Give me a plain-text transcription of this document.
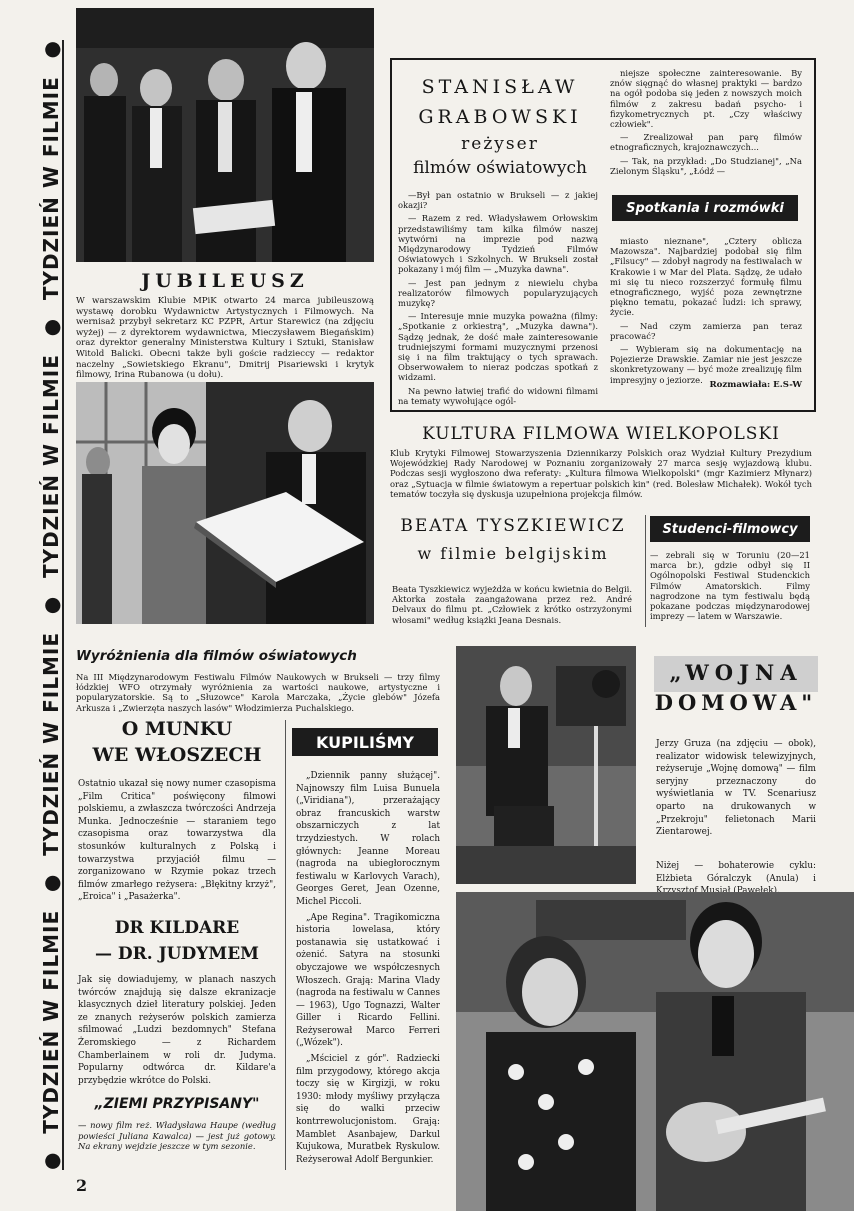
●
TYDZIEŃ W FILMIE
●
TYDZIEŃ W FILMIE
●
TYDZIEŃ W FILMIE
●
TYDZIEŃ W FILMIE
●
JUBILEUSZ
W warszawskim Klubie MPiK otwarto 24 marca jubileuszową wystawę dorobku Wydawnictw Artystycznych i Filmowych. Na wernisaż przybył sekretarz KC PZPR, Artur Starewicz (na zdjęciu wyżej) — z dyrektorem wydawnictwa, Mieczysławem Biegańskim) oraz dyrektor generalny Ministerstwa Kultury i Sztuki, Stanisław Witold Balicki. Obecni także byli goście radzieccy — redaktor naczelny „Sowietskiego Ekranu", Dmitrij Pisariewski i krytyk filmowy, Irina Rubanowa (u dołu).
STANISŁAW
GRABOWSKI
reżyser
filmów oświatowych

—Był pan ostatnio w Brukseli — z jakiej okazji?

— Razem z red. Władysławem Orłowskim przedstawiliśmy tam kilka filmów naszej wytwórni na imprezie pod nazwą Międzynarodowy Tydzień Filmów Oświatowych i Szkolnych. W Brukseli został pokazany i mój film — „Muzyka dawna".

— Jest pan jednym z niewielu chyba realizatorów filmowych popularyzujących muzykę?

— Interesuje mnie muzyka poważna (filmy: „Spotkanie z orkiestrą", „Muzyka dawna"). Sądzę jednak, że dość małe zainteresowanie trudniejszymi formami muzycznymi przenosi się i na film traktujący o tych sprawach. Obserwowałem to nieraz podczas spotkań z widzami.

Na pewno łatwiej trafić do widowni filmami na tematy wywołujące ogól-

niejsze społeczne zainteresowanie. By znów sięgnąć do własnej praktyki — bardzo na ogół podoba się jeden z nowszych moich filmów z zakresu badań psycho- i fizykometrycznych pt. „Czy właściwy człowiek".

— Zrealizował pan parę filmów etnograficznych, krajoznawczych...

— Tak, na przykład: „Do Studzianej", „Na Zielonym Śląsku", „Łódź —

Spotkania i rozmówki

miasto nieznane", „Cztery oblicza Mazowsza". Najbardziej podobał się film „Filsucy" — zdobył nagrody na festiwalach w Krakowie i w Mar del Plata. Sądzę, że udało mi się tu nieco rozszerzyć formułę filmu etnograficznego, wyjść poza zewnętrzne piękno tematu, pokazać ludzi: ich sprawy, życie.

— Nad czym zamierza pan teraz pracować?

— Wybieram się na dokumentację na Pojezierze Drawskie. Zamiar nie jest jeszcze skonkretyzowany — być może zrealizuję film impresyjny o jeziorze.

Rozmawiała: E.S-W
KULTURA FILMOWA WIELKOPOLSKI
Klub Krytyki Filmowej Stowarzyszenia Dziennikarzy Polskich oraz Wydział Kultury Prezydium Wojewódzkiej Rady Narodowej w Poznaniu zorganizowały 27 marca sesję wyjazdową klubu. Podczas sesji wygłoszono dwa referaty: „Kultura filmowa Wielkopolski" (mgr Kazimierz Młynarz) oraz „Sytuacja w filmie światowym a repertuar polskich kin" (red. Bolesław Michałek). Wokół tych tematów toczyła się dyskusja uzupełniona projekcja filmów.
BEATA TYSZKIEWICZ
w filmie belgijskim
Beata Tyszkiewicz wyjeżdża w końcu kwietnia do Belgii. Aktorka została zaangażowana przez reż. André Delvaux do filmu pt. „Człowiek z krótko ostrzyżonymi włosami" według książki Jeana Desnais.
Studenci-filmowcy
— zebrali się w Toruniu (20—21 marca br.), gdzie odbył się II Ogólnopolski Festiwal Studenckich Filmów Amatorskich. Filmy nagrodzone na tym festiwalu będą pokazane podczas międzynarodowej imprezy — latem w Warszawie.
Wyróżnienia dla filmów oświatowych
Na III Międzynarodowym Festiwalu Filmów Naukowych w Brukseli — trzy filmy łódzkiej WFO otrzymały wyróżnienia za wartości naukowe, artystyczne i popularyzatorskie. Są to „Słuzowce" Karola Marczaka, „Życie glebów" Józefa Arkusza i „Zwierzęta naszych lasów" Włodzimierza Puchalskiego.
O MUNKU
WE WŁOSZECH
Ostatnio ukazał się nowy numer czasopisma „Film Critica" poświęcony filmowi polskiemu, a zwłaszcza twórczości Andrzeja Munka. Jednocześnie — staraniem tego czasopisma oraz towarzystwa dla stosunków kulturalnych z Polską i towarzystwa przyjaciół filmu — zorganizowano w Rzymie pokaz trzech filmów zmarłego reżysera: „Błękitny krzyż", „Eroica" i „Pasażerka".
DR KILDARE
— DR. JUDYMEM
Jak się dowiadujemy, w planach naszych twórców znajdują się dalsze ekranizacje klasycznych dzieł literatury polskiej. Jeden ze znanych reżyserów polskich zamierza sfilmować „Ludzi bezdomnych" Stefana Żeromskiego — z Richardem Chamberlainem w roli dr. Judyma. Popularny odtwórca dr. Kildare'a przybędzie wkrótce do Polski.
„ZIEMI PRZYPISANY"
— nowy film reż. Władysława Haupe (według powieści Juliana Kawalca) — jest już gotowy. Na ekrany wejdzie jeszcze w tym sezonie.
2
KUPILIŚMY

„Dziennik panny służącej". Najnowszy film Luisa Bunuela („Viridiana"), przerażający obraz francuskich warstw obszarniczych z lat trzydziestych. W rolach głównych: Jeanne Moreau (nagroda na ubiegłorocznym festiwalu w Karlovych Varach), Georges Geret, Jean Ozenne, Michel Piccoli.

„Ape Regina". Tragikomiczna historia lowelasa, który postanawia się ustatkować i ożenić. Satyra na stosunki obyczajowe we współczesnych Włoszech. Grają: Marina Vlady (nagroda na festiwalu w Cannes — 1963), Ugo Tognazzi, Walter Giller i Ricardo Fellini. Reżyserował Marco Ferreri („Wózek").

„Mściciel z gór". Radziecki film przygodowy, którego akcja toczy się w Kirgizji, w roku 1930: młody myśliwy przyłącza się do walki przeciw kontrrewolucjonistom. Grają: Mamblet Asanbajew, Darkul Kujukowa, Muratbek Ryskulow. Reżyserował Adolf Bergunkier.

„WOJNA
DOMOWA"
Jerzy Gruza (na zdjęciu — obok), realizator widowisk telewizyjnych, reżyseruje „Wojnę domową" — film seryjny przeznaczony do wyświetlania w TV. Scenariusz oparto na drukowanych w „Przekroju" felietonach Marii Zientarowej.
Niżej — bohaterowie cyklu: Elżbieta Góralczyk (Anula) i
